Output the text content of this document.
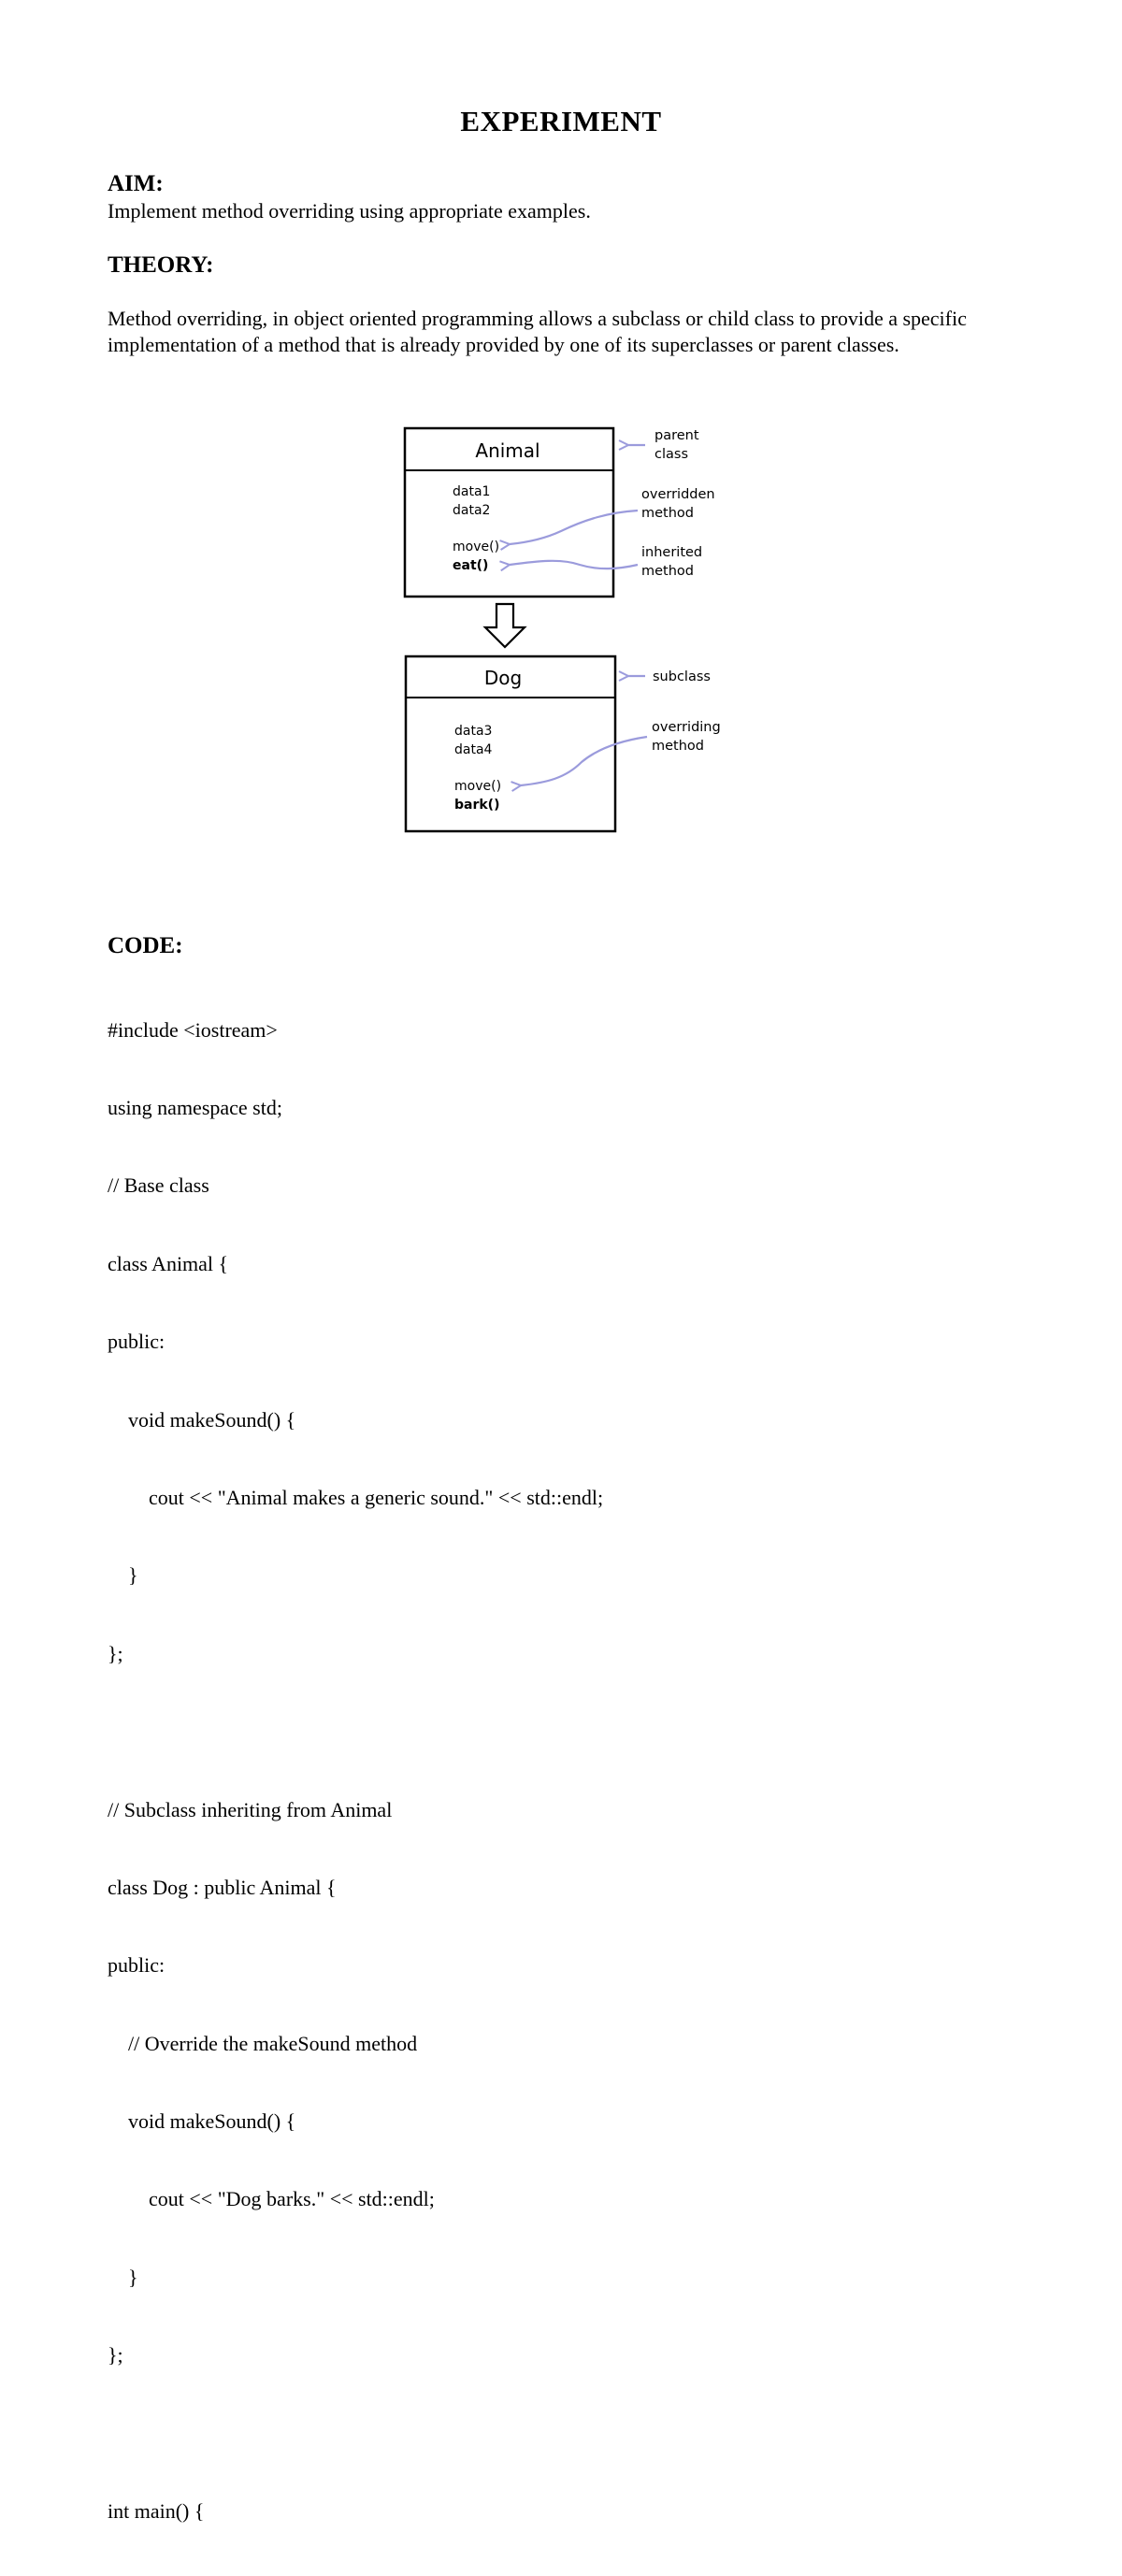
EXPERIMENT
AIM:
Implement method overriding using appropriate examples.
THEORY:
Method overriding, in object oriented programming allows a subclass or child class to provide a specific implementation of a method that is already provided by one of its superclasses or parent classes.
Animal
data1
data2
move()
eat()
Dog
data3
data4
move()
bark()
parent
class
overridden
method
inherited
method
subclass
overriding
method
CODE:

#include <iostream>

using namespace std;

// Base class

class Animal {

public:

void makeSound() {

cout << "Animal makes a generic sound." << std::endl;

}

};

// Subclass inheriting from Animal

class Dog : public Animal {

public:

// Override the makeSound method

void makeSound() {

cout << "Dog barks." << std::endl;

}

};

int main() {
